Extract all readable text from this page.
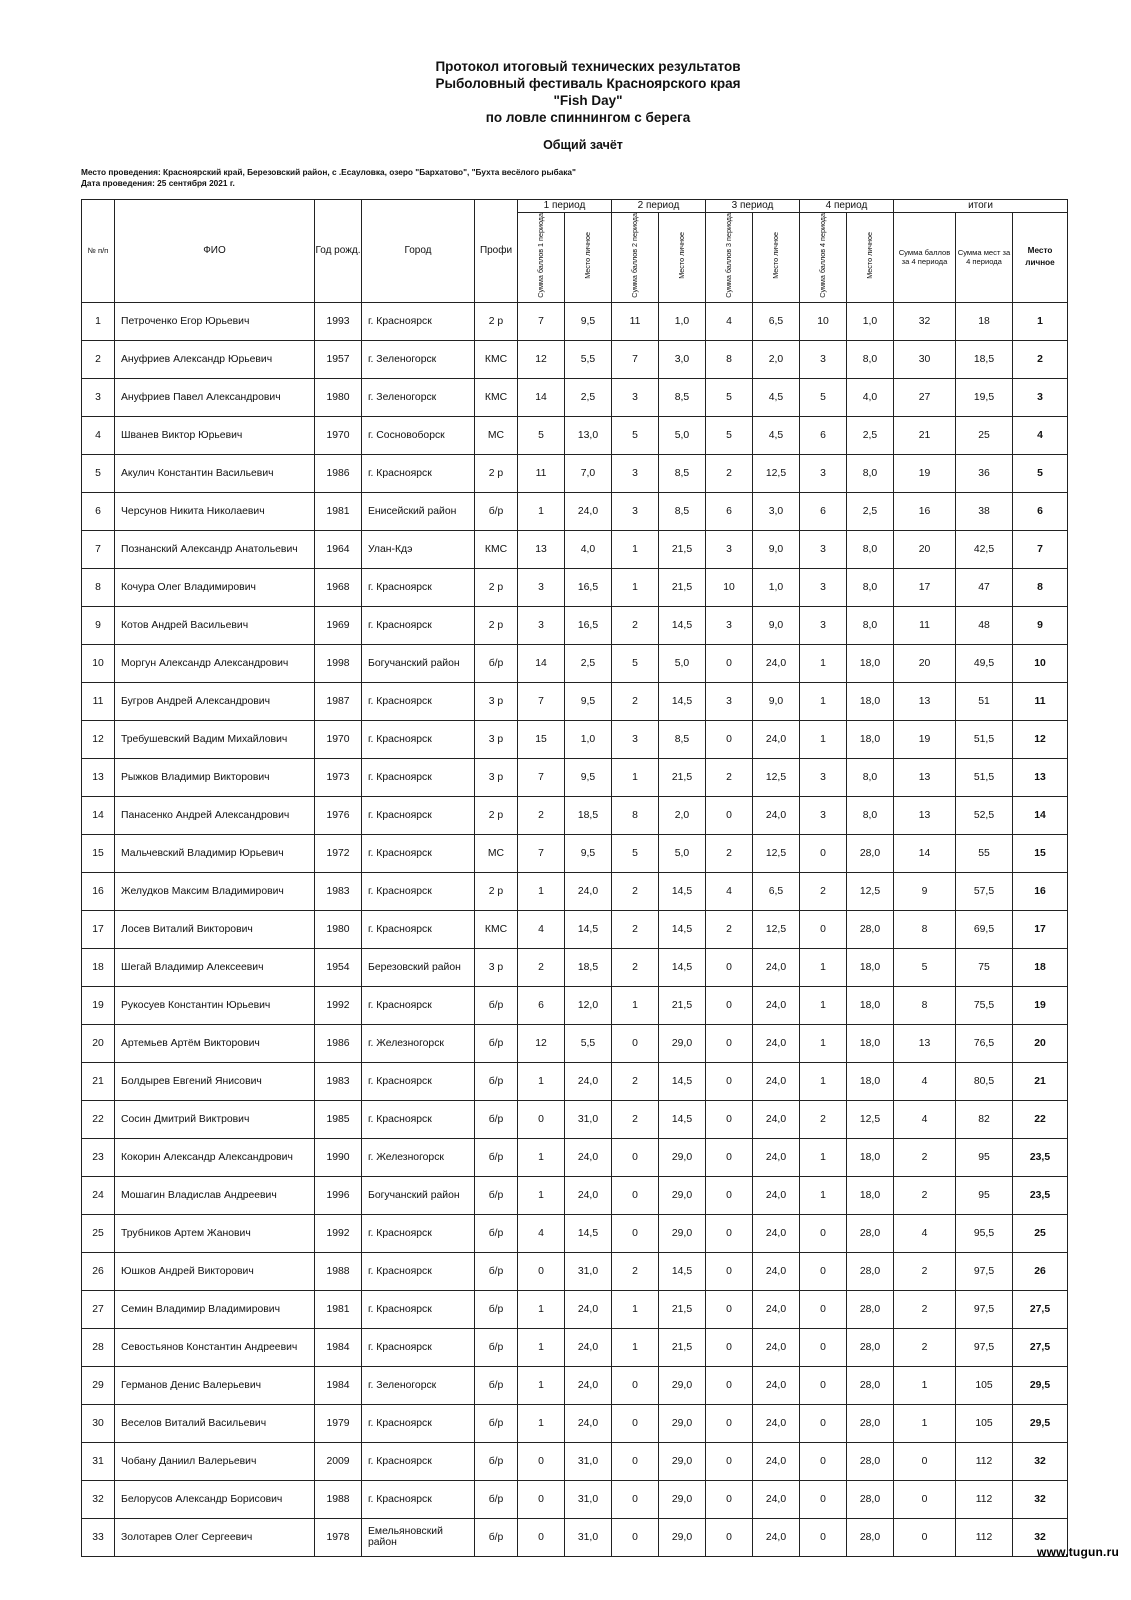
Протокол итоговый технических результатов
Рыболовный фестиваль Красноярского края
"Fish Day"
по ловле спиннингом с берега
Общий зачёт
Место проведения: Красноярский край, Березовский район, с .Есауловка, озеро "Бархатово", "Бухта весёлого рыбака"
Дата проведения: 25 сентября 2021 г.
№ п/п	ФИО	Год рожд.	Город	Профи	1 период		2 период		3 период		4 период		итоги		
					Сумма баллов 1 периода	Место личное	Сумма баллов 2 периода	Место личное	Сумма баллов 3 периода	Место личное	Сумма баллов 4 периода	Место личное	Сумма баллов за 4 периода	Сумма мест за 4 периода	Место личное
1	Петроченко Егор Юрьевич	1993	г. Красноярск	2 р	7	9,5	11	1,0	4	6,5	10	1,0	32	18	1
2	Ануфриев Александр Юрьевич	1957	г. Зеленогорск	КМС	12	5,5	7	3,0	8	2,0	3	8,0	30	18,5	2
3	Ануфриев Павел Александрович	1980	г. Зеленогорск	КМС	14	2,5	3	8,5	5	4,5	5	4,0	27	19,5	3
4	Шванев Виктор Юрьевич	1970	г. Сосновоборск	МС	5	13,0	5	5,0	5	4,5	6	2,5	21	25	4
5	Акулич Константин Васильевич	1986	г. Красноярск	2 р	11	7,0	3	8,5	2	12,5	3	8,0	19	36	5
6	Черсунов Никита Николаевич	1981	Енисейский район	б/р	1	24,0	3	8,5	6	3,0	6	2,5	16	38	6
7	Познанский Александр Анатольевич	1964	Улан-Кдэ	КМС	13	4,0	1	21,5	3	9,0	3	8,0	20	42,5	7
8	Кочура Олег Владимирович	1968	г. Красноярск	2 р	3	16,5	1	21,5	10	1,0	3	8,0	17	47	8
9	Котов Андрей Васильевич	1969	г. Красноярск	2 р	3	16,5	2	14,5	3	9,0	3	8,0	11	48	9
10	Моргун Александр Александрович	1998	Богучанский район	б/р	14	2,5	5	5,0	0	24,0	1	18,0	20	49,5	10
11	Бугров Андрей Александрович	1987	г. Красноярск	3 р	7	9,5	2	14,5	3	9,0	1	18,0	13	51	11
12	Требушевский Вадим Михайлович	1970	г. Красноярск	3 р	15	1,0	3	8,5	0	24,0	1	18,0	19	51,5	12
13	Рыжков Владимир Викторович	1973	г. Красноярск	3 р	7	9,5	1	21,5	2	12,5	3	8,0	13	51,5	13
14	Панасенко Андрей Александрович	1976	г. Красноярск	2 р	2	18,5	8	2,0	0	24,0	3	8,0	13	52,5	14
15	Мальчевский Владимир Юрьевич	1972	г. Красноярск	МС	7	9,5	5	5,0	2	12,5	0	28,0	14	55	15
16	Желудков Максим Владимирович	1983	г. Красноярск	2 р	1	24,0	2	14,5	4	6,5	2	12,5	9	57,5	16
17	Лосев Виталий Викторович	1980	г. Красноярск	КМС	4	14,5	2	14,5	2	12,5	0	28,0	8	69,5	17
18	Шегай Владимир Алексеевич	1954	Березовский район	3 р	2	18,5	2	14,5	0	24,0	1	18,0	5	75	18
19	Рукосуев Константин Юрьевич	1992	г. Красноярск	б/р	6	12,0	1	21,5	0	24,0	1	18,0	8	75,5	19
20	Артемьев Артём Викторович	1986	г. Железногорск	б/р	12	5,5	0	29,0	0	24,0	1	18,0	13	76,5	20
21	Болдырев Евгений Янисович	1983	г. Красноярск	б/р	1	24,0	2	14,5	0	24,0	1	18,0	4	80,5	21
22	Сосин Дмитрий Виктрович	1985	г. Красноярск	б/р	0	31,0	2	14,5	0	24,0	2	12,5	4	82	22
23	Кокорин Александр Александрович	1990	г. Железногорск	б/р	1	24,0	0	29,0	0	24,0	1	18,0	2	95	23,5
24	Мошагин Владислав Андреевич	1996	Богучанский район	б/р	1	24,0	0	29,0	0	24,0	1	18,0	2	95	23,5
25	Трубников Артем Жанович	1992	г. Красноярск	б/р	4	14,5	0	29,0	0	24,0	0	28,0	4	95,5	25
26	Юшков Андрей Викторович	1988	г. Красноярск	б/р	0	31,0	2	14,5	0	24,0	0	28,0	2	97,5	26
27	Семин Владимир Владимирович	1981	г. Красноярск	б/р	1	24,0	1	21,5	0	24,0	0	28,0	2	97,5	27,5
28	Севостьянов Константин Андреевич	1984	г. Красноярск	б/р	1	24,0	1	21,5	0	24,0	0	28,0	2	97,5	27,5
29	Германов Денис Валерьевич	1984	г. Зеленогорск	б/р	1	24,0	0	29,0	0	24,0	0	28,0	1	105	29,5
30	Веселов Виталий Васильевич	1979	г. Красноярск	б/р	1	24,0	0	29,0	0	24,0	0	28,0	1	105	29,5
31	Чобану Даниил Валерьевич	2009	г. Красноярск	б/р	0	31,0	0	29,0	0	24,0	0	28,0	0	112	32
32	Белорусов Александр Борисович	1988	г. Красноярск	б/р	0	31,0	0	29,0	0	24,0	0	28,0	0	112	32
33	Золотарев Олег Сергеевич	1978	Емельяновский район	б/р	0	31,0	0	29,0	0	24,0	0	28,0	0	112	32
www.tugun.ru
